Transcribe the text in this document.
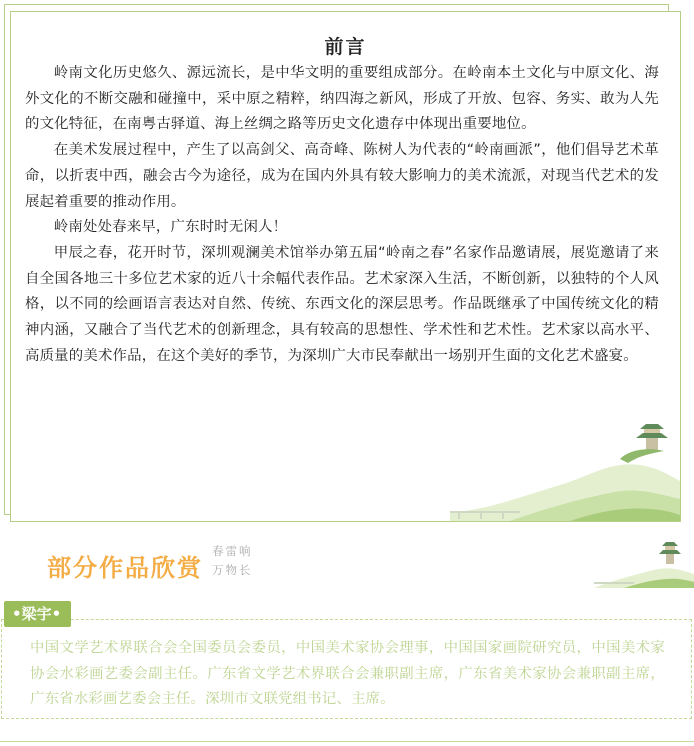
前言

岭南文化历史悠久、源远流长，是中华文明的重要组成部分。在岭南本土文化与中原文化、海外文化的不断交融和碰撞中，采中原之精粹，纳四海之新风，形成了开放、包容、务实、敢为人先的文化特征，在南粤古驿道、海上丝绸之路等历史文化遗存中体现出重要地位。

在美术发展过程中，产生了以高剑父、高奇峰、陈树人为代表的“岭南画派”，他们倡导艺术革命，以折衷中西，融会古今为途径，成为在国内外具有较大影响力的美术流派，对现当代艺术的发展起着重要的推动作用。

岭南处处春来早，广东时时无闲人！

甲辰之春，花开时节，深圳观澜美术馆举办第五届“岭南之春”名家作品邀请展，展览邀请了来自全国各地三十多位艺术家的近八十余幅代表作品。艺术家深入生活，不断创新，以独特的个人风格，以不同的绘画语言表达对自然、传统、东西文化的深层思考。作品既继承了中国传统文化的精神内涵，又融合了当代艺术的创新理念，具有较高的思想性、学术性和艺术性。艺术家以高水平、高质量的美术作品，在这个美好的季节，为深圳广大市民奉献出一场别开生面的文化艺术盛宴。

部分作品欣赏
春雷响
万物长
•梁宇•
中国文学艺术界联合会全国委员会委员，中国美术家协会理事，中国国家画院研究员，中国美术家协会水彩画艺委会副主任。广东省文学艺术界联合会兼职副主席，广东省美术家协会兼职副主席，广东省水彩画艺委会主任。深圳市文联党组书记、主席。
